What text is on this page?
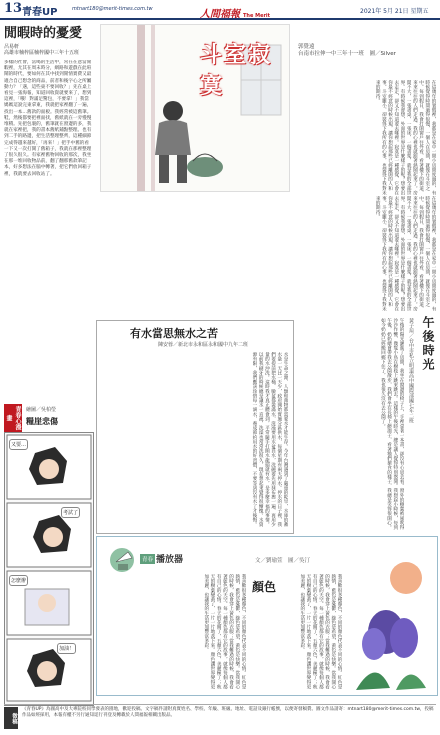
13 青春UP	mtnart180@merit-times.com.tw	人間福報 The Merit
2021年 5月 21日 星期五
閒暇時的憂愛
呂易軒
高雄市楠梓區楠梓國中三年十五班
多樣的社會，當喝的生活中，常在在意當閒暇裡，尤其在周末時分，網路和遊戲在此喧鬧的時代，要如何在其中找到閒情實費又最適合自己想念的商品，前者和後字心之所屬動力？「遇，這些東不要回收？」先在桌上看見一張海報，知道回收資就要來了，想到這裡，「哦！對滿足驚包，不要拿！」我當媽媽這說完東拿東，我就把家裡翻了一遍，找出一本…舊款的面板。我經常被這舊筆。鞋，然後都要把裡面找，舊紙就在一旁慢慢堆積。先把包裹的，舊筆就在窗邊的多，我就在家裡把，我的書本舊紙鋪點整理。也有到二手的路邊，把生活整理整齊，這種細節完成得越來越好，「再來！」把手中舊的看一下又一次打開了舊箱子，我就在那裡整理了很久很久。有家裡舊物回收的那次，我坐在那一堆回收物品前，翻了翻那舊款筆記本，好多想法在腦中轉著，把它們放回箱子裡，我就要去回收站了。
斗室寂寞
郭覺遠
台南市拉伸一中三年十一班　圖／Silver
在這幾年的暑假裡，我都是在家中一間小房間度過的，有時候覺得時間過得很慢，一個人在房間，就像在斗室之中。每到假日，我會打開窗戶往外看，看著樓下的街道，來來往往的人們走過，我的心裡也就跟著熱鬧起來了。房間不大，一張書桌，一張床，一個書架，就是我的全部世界。有時候我會想，外面的世界是什麼樣子的呢？想要出去走走，卻又不知道要去哪裡。寂寞是一種感覺，它會在你最不經意的時候出現，讓你想起那些已經離開的人和事。斗室雖小，卻裝得下我所有的心事，也裝得下我對未來的期待。
在這幾年的暑假裡，我都是在家中一間小房間度過的，有時候覺得時間過得很慢，一個人在房間，就像在斗室之中。每到假日，我會打開窗戶往外看，看著樓下的街道，來來往往的人們走過，我的心裡也就跟著熱鬧起來了。房間不大，一張書桌，一張床，一個書架，就是我的全部世界。有時候我會想，外面的世界是什麼樣子的呢？想要出去走走，卻又不知道要去哪裡。寂寞是一種感覺，它會在你最不經意的時候出現，讓你想起那些已經離開的人和事。斗室雖小，卻裝得下我所有的心事，也裝得下我對未來的期待。
有水當思無水之苦
陳安蓉／新北市永和區永和國中九年二班
水是生命之源，人類和萬物都需要水才能生存。今年台灣遇到了嚴重的乾旱，水庫的蓄水量一天比一天少，政府開始實施分區供水，每個星期有兩天停水。停水的日子裡，我們要提前把水桶、臉盆都裝滿水，洗澡要用水盆舀水，洗碗要先用抹布擦一遍，再用少量的水沖洗。這時我才真正體會到，平常隨手打開水龍頭就有水，是多麼幸福的事情。以前我刷牙的時候總是讓水一直流，洗澡也常常洗很久，現在想起來覺得很慚愧。水資源有限，我們應該珍惜每一滴水，養成節約用水的好習慣，不要等到沒有水了才後悔。
午後時光
黃子瑄／台中市私立明道高中國際部國七年二班
午後的陽光灑進了房間，我坐在窗邊的椅子上，手裡拿著一本書，卻沒有心思去看。窗外的樹葉被風吹得沙沙作響，幾隻小鳥在樹枝上跳來跳去。這樣的午後時光，總是讓人覺得特別悠閒。我想起小時候，每到午後，奶奶總會帶我去公園散步，我們會坐在長椅上餵鴿子，看著牠們搶食的樣子，我總是笑得很開心。如今奶奶已經搬回鄉下住了，我也很久沒有去公園了。
青春心漫畫
繪圖／吳柏瑩
糧崖悲傷
又要…
考試了
怎麼辦
加油！
青春 播放器	文／劉瑜萱　圖／吳汀
顏色
我喜歡很多種顏色，不同的顏色代表不同的心情。紅色是熱情，藍色是憂鬱，綠色是希望，黃色是快樂。當我開心的時候，我會穿上黃色的衣服；當我難過的時候，我會看著藍色的天空。每一種顏色都有它的故事，就像每個人都有自己的心情。春天的花開了，五顏六色，美麗極了；秋天的樹葉變黃了，一片一片地落下來。顏色讓世界變得更加美麗，也讓我的生活更加豐富多彩。	我喜歡很多種顏色，不同的顏色代表不同的心情。紅色是熱情，藍色是憂鬱，綠色是希望，黃色是快樂。當我開心的時候，我會穿上黃色的衣服；當我難過的時候，我會看著藍色的天空。每一種顏色都有它的故事，就像每個人都有自己的心情。春天的花開了，五顏六色，美麗極了；秋天的樹葉變黃了，一片一片地落下來。顏色讓世界變得更加美麗，也讓我的生活更加豐富多彩。
徵稿
《青春UP》為國高中及大專院校同學發表的園地，歡迎投稿。文字稿件請附真實姓名、學校、年級、班級、地址、電話及銀行帳號，以便寄發稿費。圖文作品請寄：mtnart180@merit-times.com.tw，投稿作品如經採用，本報有權不另行通知逕行刊登及轉載於人間福報相關出版品。
